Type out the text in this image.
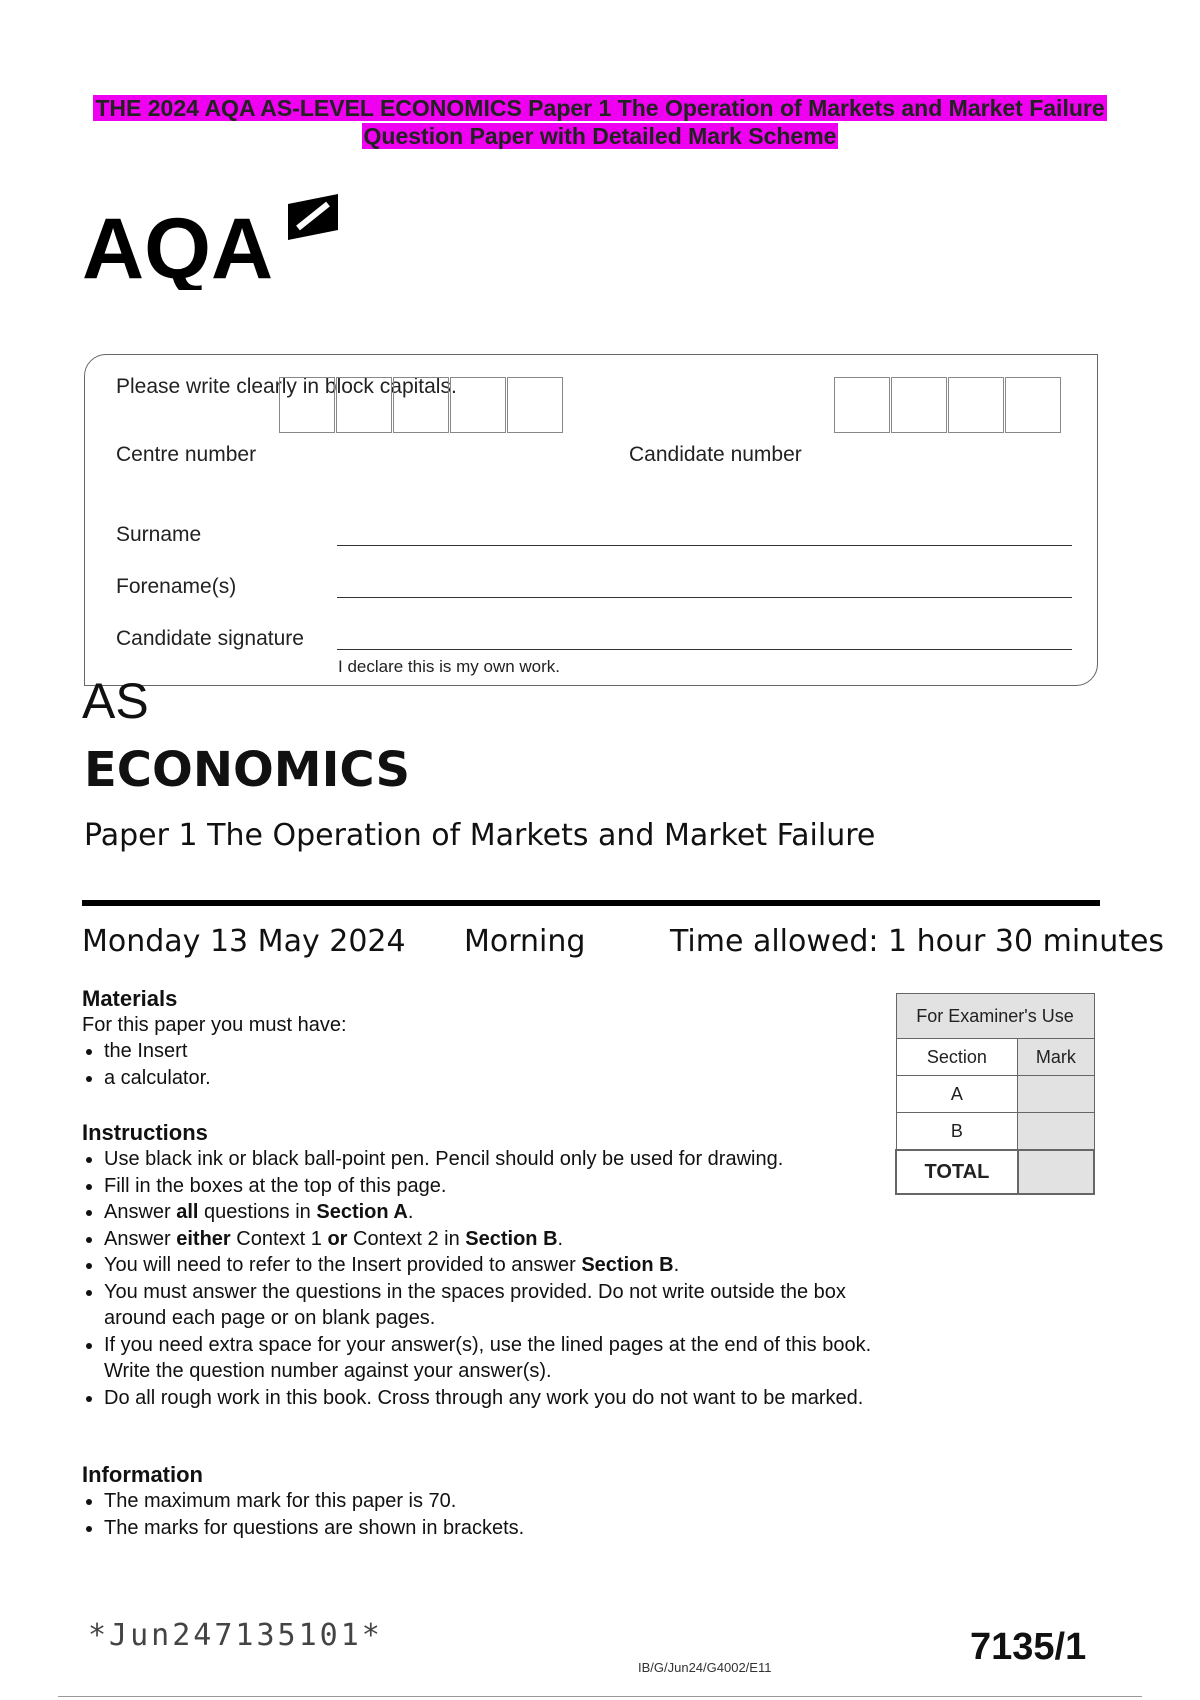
THE 2024 AQA AS-LEVEL ECONOMICS Paper 1 The Operation of Markets and Market Failure
Question Paper with Detailed Mark Scheme
AQA
Please write clearly in block capitals.
Centre number	Candidate number
Surname
Forename(s)
Candidate signature
I declare this is my own work.
AS
ECONOMICS
Paper 1 The Operation of Markets and Market Failure
Monday 13 May 2024 Morning	Time allowed: 1 hour 30 minutes
Materials

For this paper you must have:

• the Insert
• a calculator.
Instructions
• Use black ink or black ball-point pen. Pencil should only be used for drawing.
• Fill in the boxes at the top of this page.
• Answer all questions in Section A.
• Answer either Context 1 or Context 2 in Section B.
• You will need to refer to the Insert provided to answer Section B.
• You must answer the questions in the spaces provided. Do not write outside the box around each page or on blank pages.
• If you need extra space for your answer(s), use the lined pages at the end of this book. Write the question number against your answer(s).
• Do all rough work in this book. Cross through any work you do not want to be marked.
Information
• The maximum mark for this paper is 70.
• The marks for questions are shown in brackets.
For Examiner's Use	
Section	Mark
A	
B	
TOTAL	
*Jun247135101*
IB/G/Jun24/G4002/E11	7135/1
